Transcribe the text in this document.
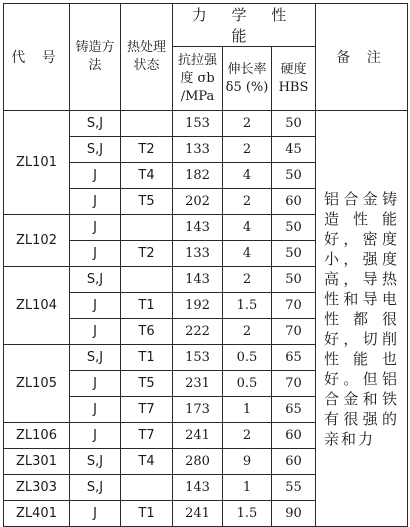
代 号	铸造方法	热处理状态	力 学 性 能			备 注
			抗拉强度 σb /MPa	伸长率 δ5 (%)	硬度 HBS	
ZL101	S,J		153	2	50	铝合金铸造性能好，密度小，强度高，导热性和导电性都很好，切削性能也好。但铝合金和铁有很强的亲和力
	S,J	T2	133	2	45	
	J	T4	182	4	50	
	J	T5	202	2	60	
ZL102	J		143	4	50	
	J	T2	133	4	50	
ZL104	S,J		143	2	50	
	J	T1	192	1.5	70	
	J	T6	222	2	70	
ZL105	S,J	T1	153	0.5	65	
	J	T5	231	0.5	70	
	J	T7	173	1	65	
ZL106	J	T7	241	2	60	
ZL301	S,J	T4	280	9	60	
ZL303	S,J		143	1	55	
ZL401	J	T1	241	1.5	90	
